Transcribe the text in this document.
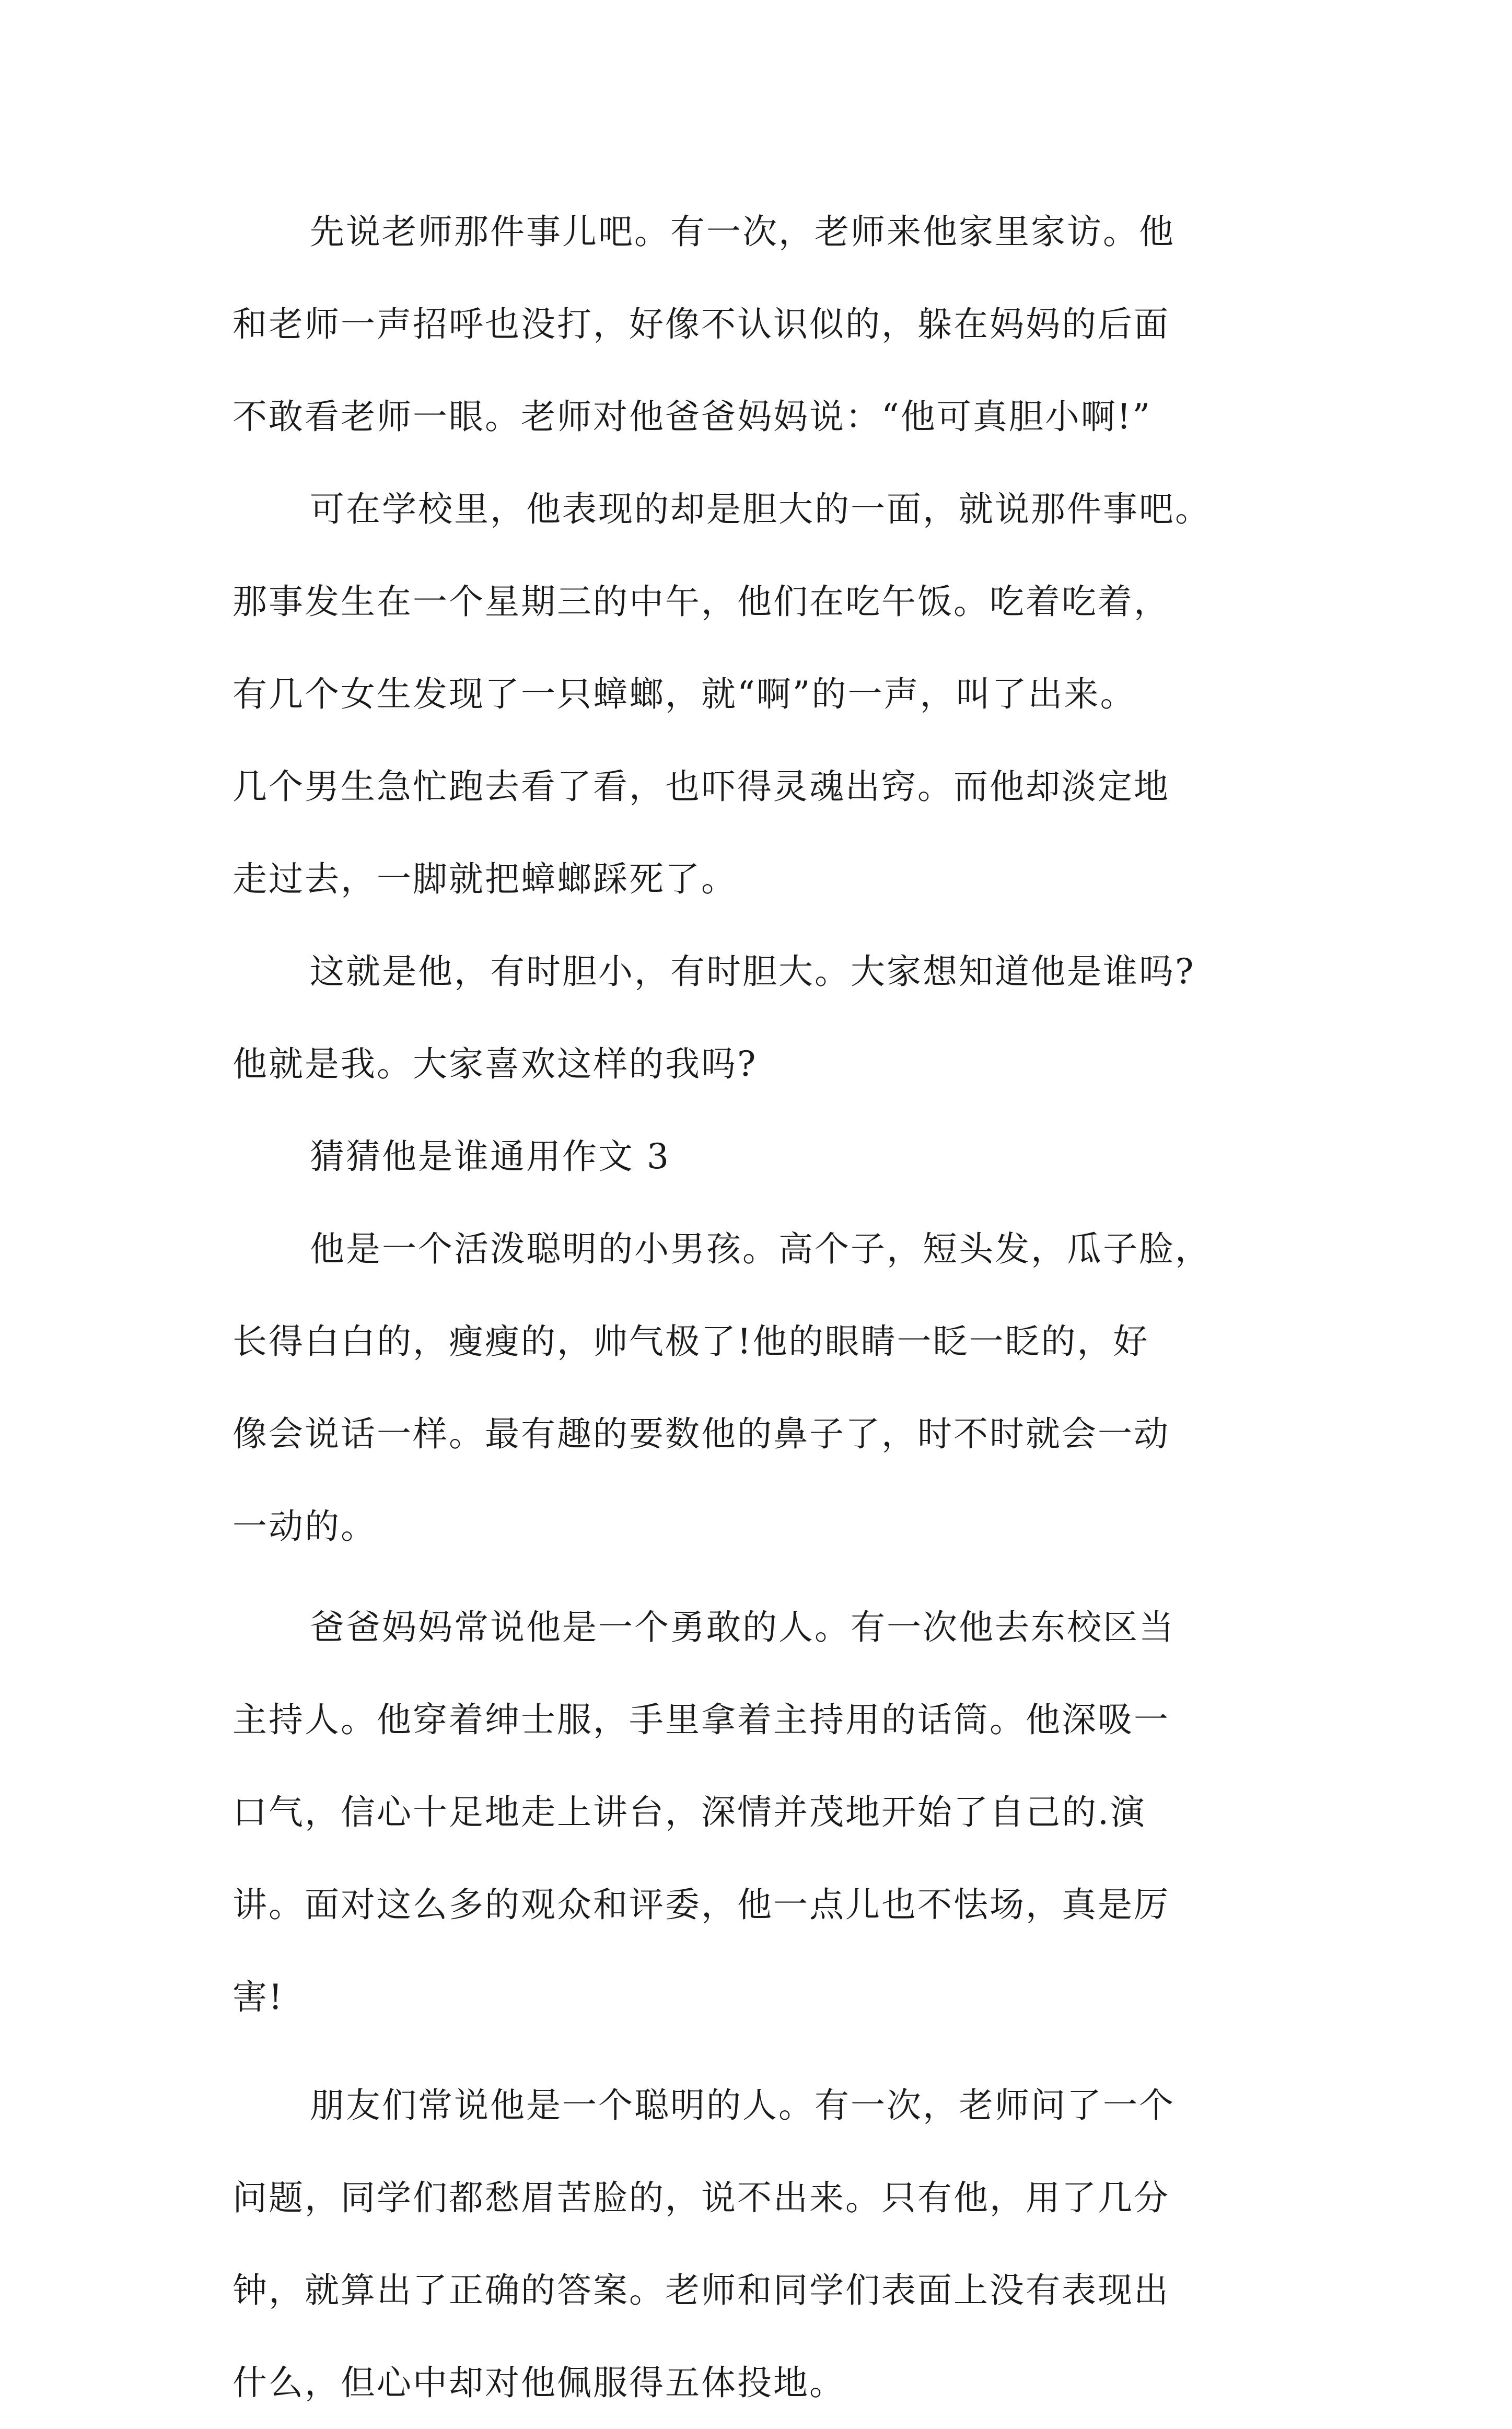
先说老师那件事儿吧。有一次，老师来他家里家访。他
和老师一声招呼也没打，好像不认识似的，躲在妈妈的后面
不敢看老师一眼。老师对他爸爸妈妈说：“他可真胆小啊!”
可在学校里，他表现的却是胆大的一面，就说那件事吧。
那事发生在一个星期三的中午，他们在吃午饭。吃着吃着，
有几个女生发现了一只蟑螂，就“啊”的一声，叫了出来。
几个男生急忙跑去看了看，也吓得灵魂出窍。而他却淡定地
走过去，一脚就把蟑螂踩死了。
这就是他，有时胆小，有时胆大。大家想知道他是谁吗?
他就是我。大家喜欢这样的我吗?
猜猜他是谁通用作文 3
他是一个活泼聪明的小男孩。高个子，短头发，瓜子脸，
长得白白的，瘦瘦的，帅气极了!他的眼睛一眨一眨的，好
像会说话一样。最有趣的要数他的鼻子了，时不时就会一动
一动的。
爸爸妈妈常说他是一个勇敢的人。有一次他去东校区当
主持人。他穿着绅士服，手里拿着主持用的话筒。他深吸一
口气，信心十足地走上讲台，深情并茂地开始了自己的.演
讲。面对这么多的观众和评委，他一点儿也不怯场，真是厉
害!
朋友们常说他是一个聪明的人。有一次，老师问了一个
问题，同学们都愁眉苦脸的，说不出来。只有他，用了几分
钟，就算出了正确的答案。老师和同学们表面上没有表现出
什么，但心中却对他佩服得五体投地。
